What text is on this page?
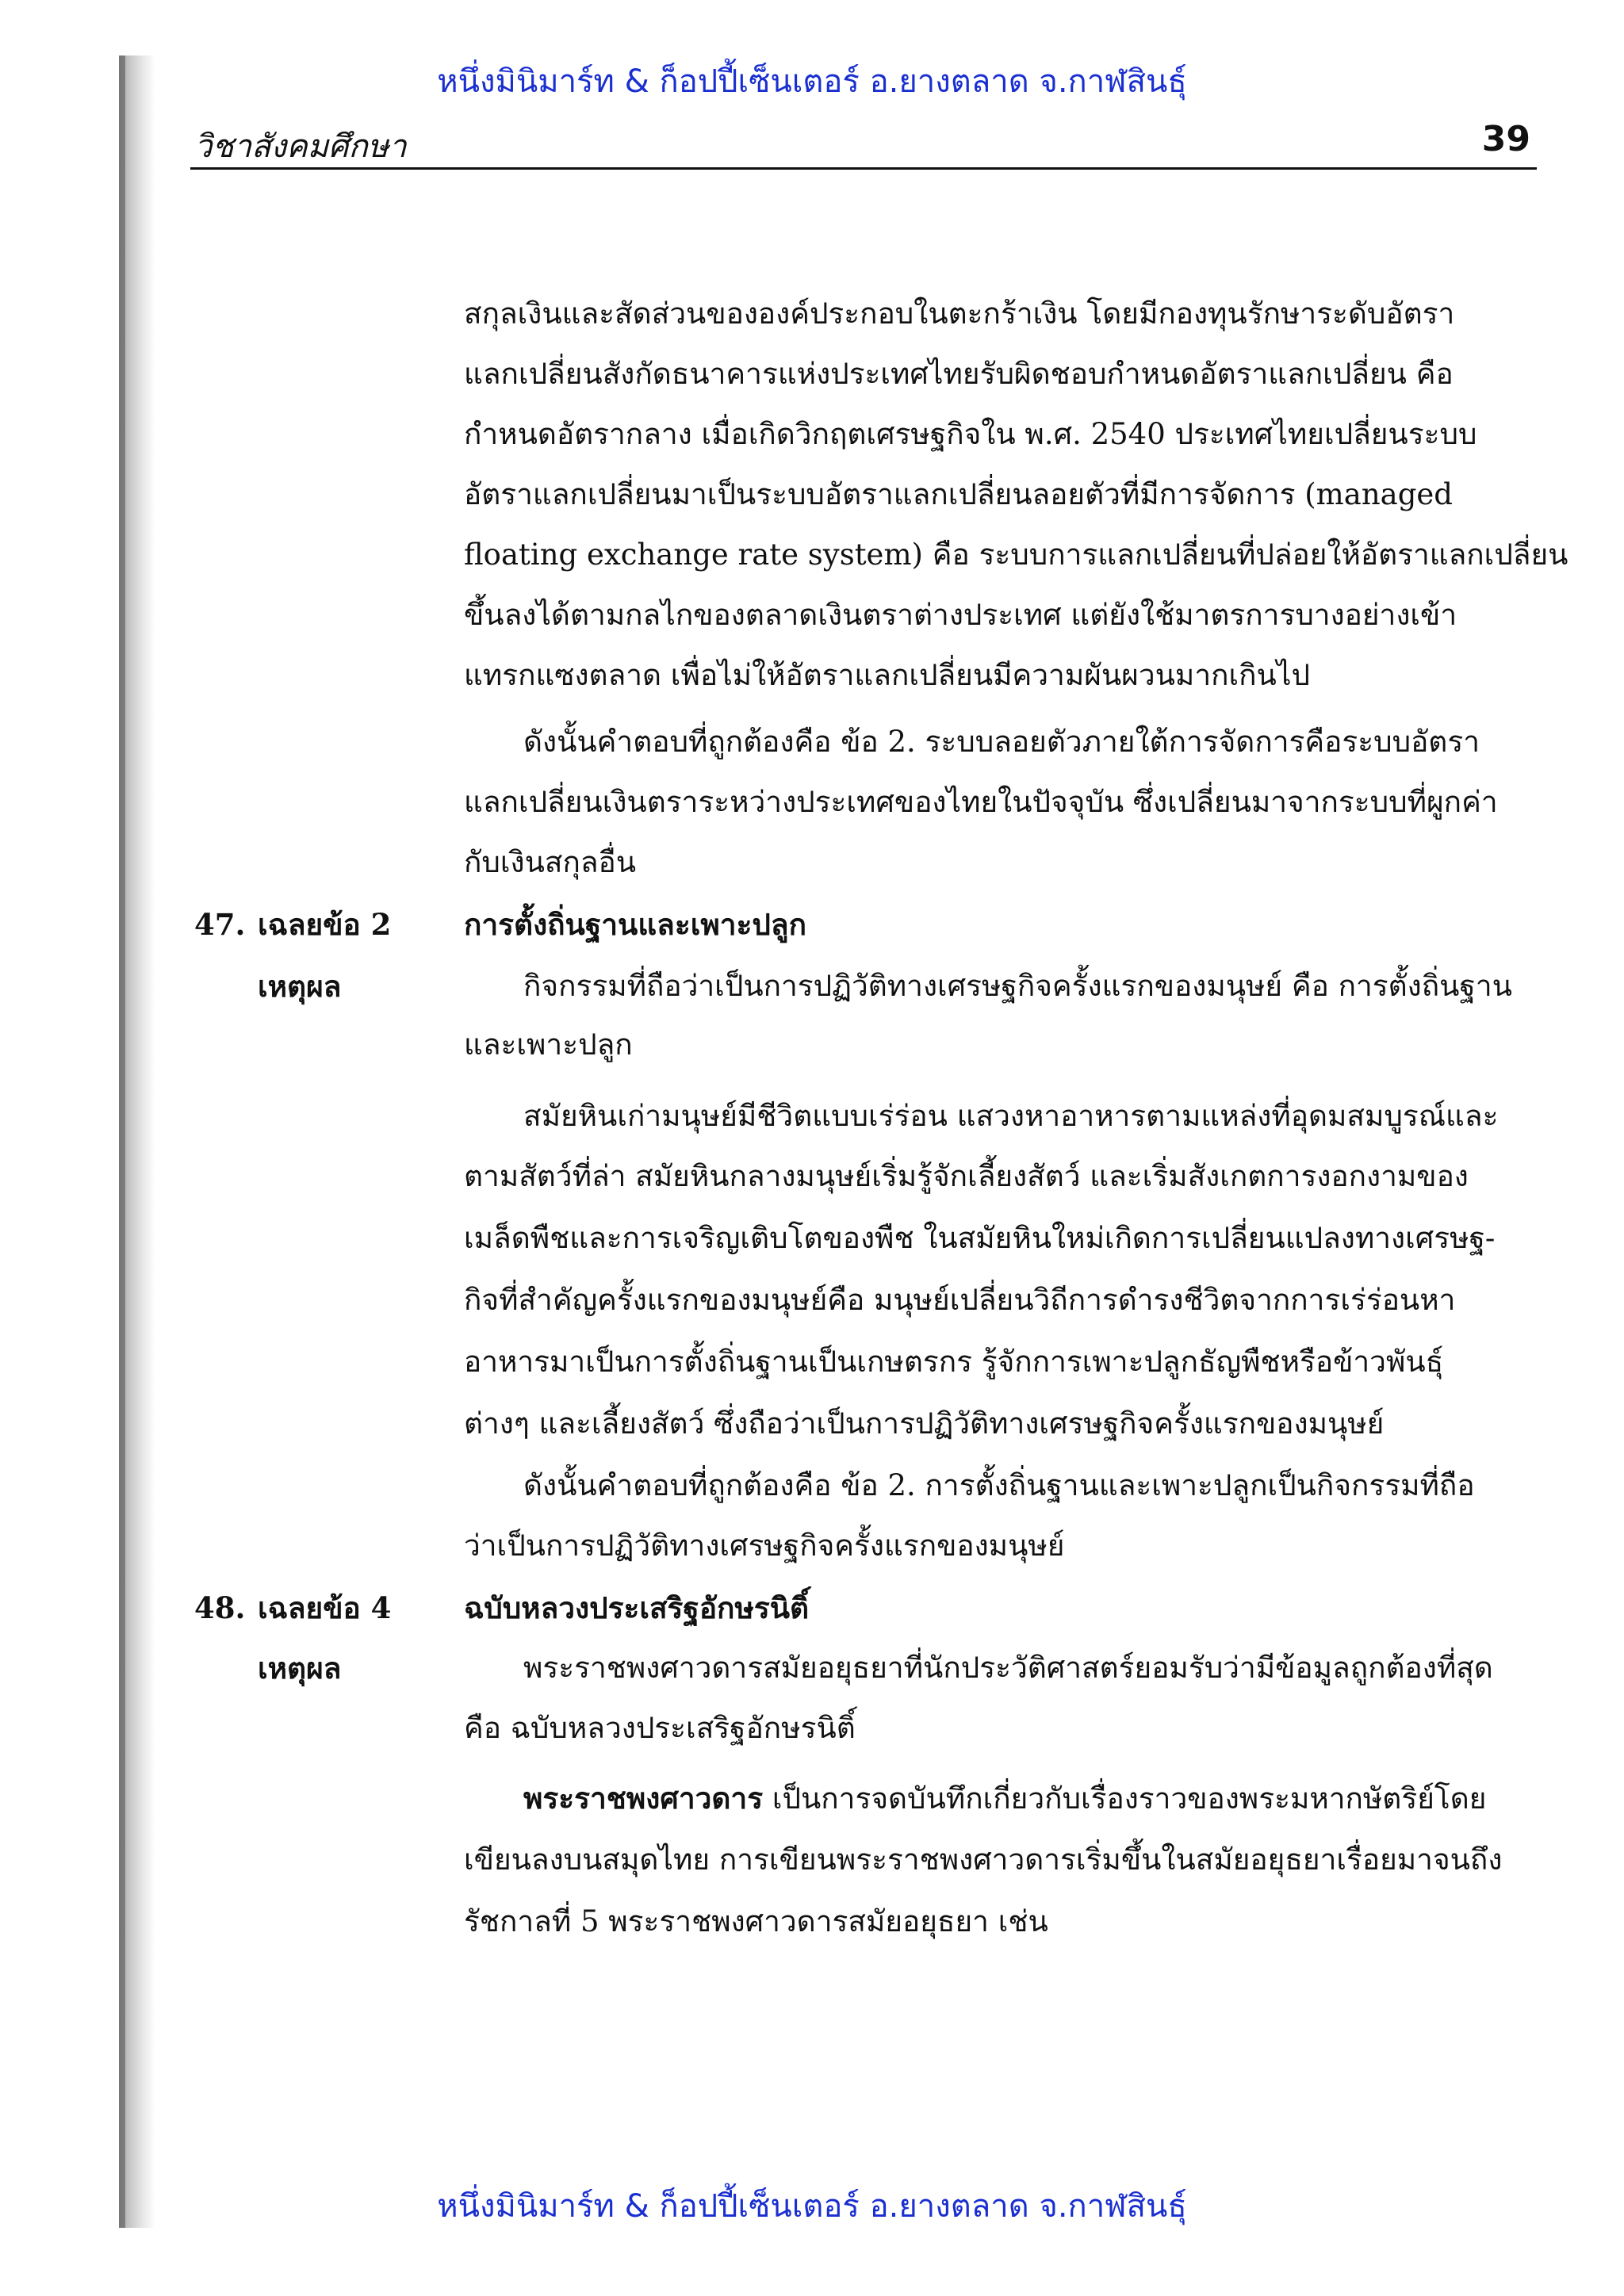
หนึ่งมินิมาร์ท & ก็อปปี้เซ็นเตอร์ อ.ยางตลาด จ.กาฬสินธุ์
วิชาสังคมศึกษา	39
สกุลเงินและสัดส่วนขององค์ประกอบในตะกร้าเงิน โดยมีกองทุนรักษาระดับอัตรา
แลกเปลี่ยนสังกัดธนาคารแห่งประเทศไทยรับผิดชอบกำหนดอัตราแลกเปลี่ยน คือ
กำหนดอัตรากลาง เมื่อเกิดวิกฤตเศรษฐกิจใน พ.ศ. 2540 ประเทศไทยเปลี่ยนระบบ
อัตราแลกเปลี่ยนมาเป็นระบบอัตราแลกเปลี่ยนลอยตัวที่มีการจัดการ (managed
floating exchange rate system) คือ ระบบการแลกเปลี่ยนที่ปล่อยให้อัตราแลกเปลี่ยน
ขึ้นลงได้ตามกลไกของตลาดเงินตราต่างประเทศ แต่ยังใช้มาตรการบางอย่างเข้า
แทรกแซงตลาด เพื่อไม่ให้อัตราแลกเปลี่ยนมีความผันผวนมากเกินไป
ดังนั้นคำตอบที่ถูกต้องคือ ข้อ 2. ระบบลอยตัวภายใต้การจัดการคือระบบอัตรา
แลกเปลี่ยนเงินตราระหว่างประเทศของไทยในปัจจุบัน ซึ่งเปลี่ยนมาจากระบบที่ผูกค่า
กับเงินสกุลอื่น
47. เฉลยข้อ 2 การตั้งถิ่นฐานและเพาะปลูก
เหตุผล	กิจกรรมที่ถือว่าเป็นการปฏิวัติทางเศรษฐกิจครั้งแรกของมนุษย์ คือ การตั้งถิ่นฐาน
และเพาะปลูก
สมัยหินเก่ามนุษย์มีชีวิตแบบเร่ร่อน แสวงหาอาหารตามแหล่งที่อุดมสมบูรณ์และ
ตามสัตว์ที่ล่า สมัยหินกลางมนุษย์เริ่มรู้จักเลี้ยงสัตว์ และเริ่มสังเกตการงอกงามของ
เมล็ดพืชและการเจริญเติบโตของพืช ในสมัยหินใหม่เกิดการเปลี่ยนแปลงทางเศรษฐ-
กิจที่สำคัญครั้งแรกของมนุษย์คือ มนุษย์เปลี่ยนวิถีการดำรงชีวิตจากการเร่ร่อนหา
อาหารมาเป็นการตั้งถิ่นฐานเป็นเกษตรกร รู้จักการเพาะปลูกธัญพืชหรือข้าวพันธุ์
ต่างๆ และเลี้ยงสัตว์ ซึ่งถือว่าเป็นการปฏิวัติทางเศรษฐกิจครั้งแรกของมนุษย์
ดังนั้นคำตอบที่ถูกต้องคือ ข้อ 2. การตั้งถิ่นฐานและเพาะปลูกเป็นกิจกรรมที่ถือ
ว่าเป็นการปฏิวัติทางเศรษฐกิจครั้งแรกของมนุษย์
48. เฉลยข้อ 4 ฉบับหลวงประเสริฐอักษรนิติ์
เหตุผล	พระราชพงศาวดารสมัยอยุธยาที่นักประวัติศาสตร์ยอมรับว่ามีข้อมูลถูกต้องที่สุด
คือ ฉบับหลวงประเสริฐอักษรนิติ์
พระราชพงศาวดาร เป็นการจดบันทึกเกี่ยวกับเรื่องราวของพระมหากษัตริย์โดย
เขียนลงบนสมุดไทย การเขียนพระราชพงศาวดารเริ่มขึ้นในสมัยอยุธยาเรื่อยมาจนถึง
รัชกาลที่ 5 พระราชพงศาวดารสมัยอยุธยา เช่น
หนึ่งมินิมาร์ท & ก็อปปี้เซ็นเตอร์ อ.ยางตลาด จ.กาฬสินธุ์
